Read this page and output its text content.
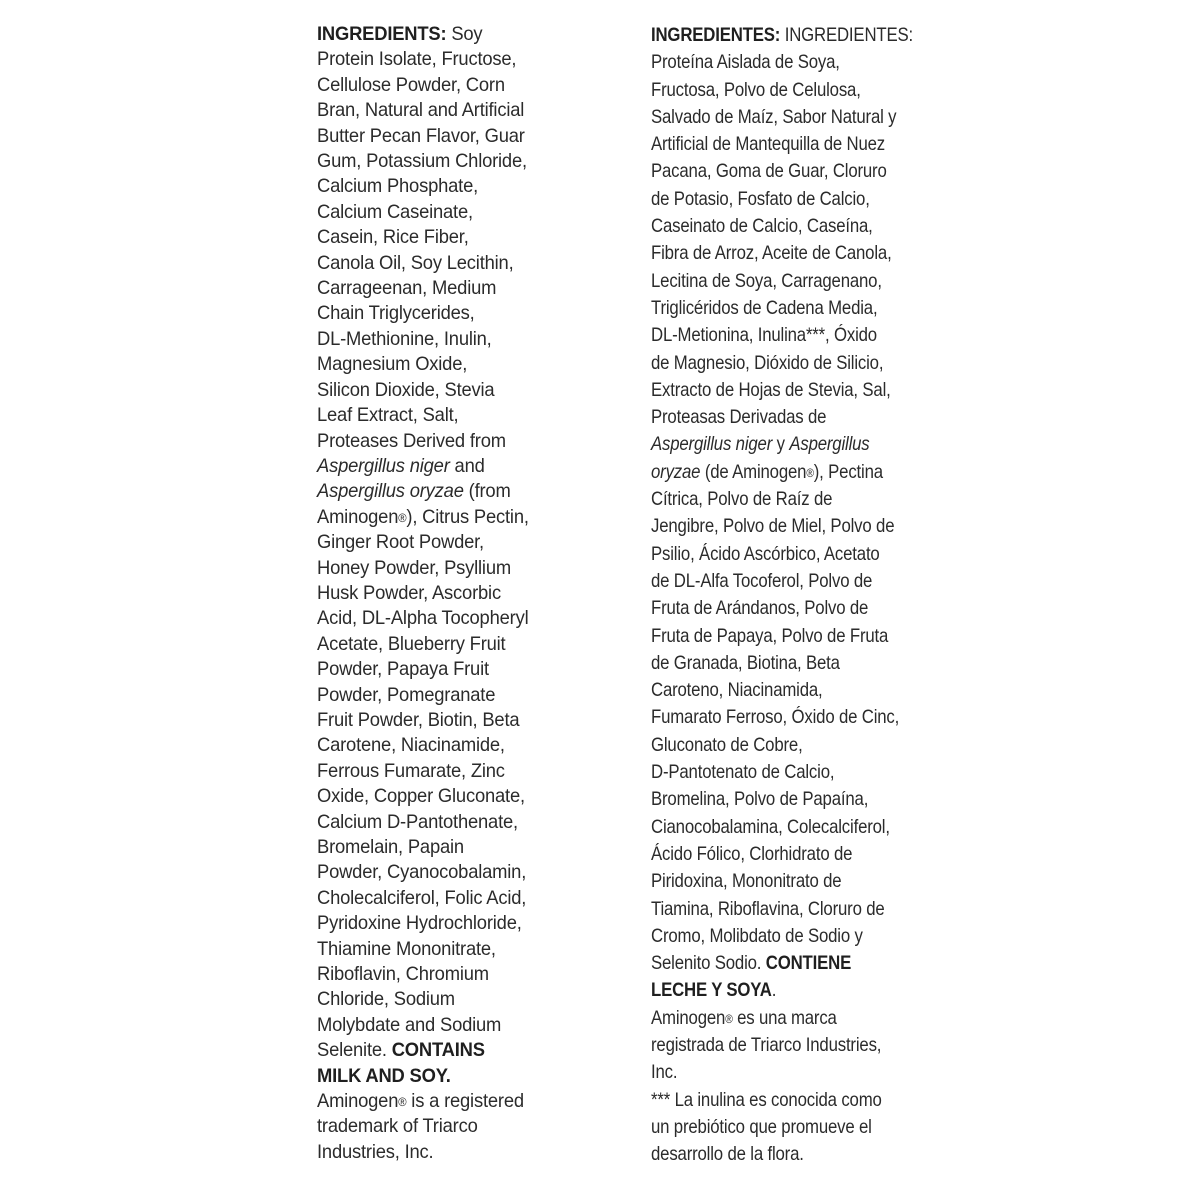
INGREDIENTS: Soy
Protein Isolate, Fructose,
Cellulose Powder, Corn
Bran, Natural and Artificial
Butter Pecan Flavor, Guar
Gum, Potassium Chloride,
Calcium Phosphate,
Calcium Caseinate,
Casein, Rice Fiber,
Canola Oil, Soy Lecithin,
Carrageenan, Medium
Chain Triglycerides,
DL-Methionine, Inulin,
Magnesium Oxide,
Silicon Dioxide, Stevia
Leaf Extract, Salt,
Proteases Derived from
Aspergillus niger and
Aspergillus oryzae (from
Aminogen®), Citrus Pectin,
Ginger Root Powder,
Honey Powder, Psyllium
Husk Powder, Ascorbic
Acid, DL-Alpha Tocopheryl
Acetate, Blueberry Fruit
Powder, Papaya Fruit
Powder, Pomegranate
Fruit Powder, Biotin, Beta
Carotene, Niacinamide,
Ferrous Fumarate, Zinc
Oxide, Copper Gluconate,
Calcium D-Pantothenate,
Bromelain, Papain
Powder, Cyanocobalamin,
Cholecalciferol, Folic Acid,
Pyridoxine Hydrochloride,
Thiamine Mononitrate,
Riboflavin, Chromium
Chloride, Sodium
Molybdate and Sodium
Selenite. CONTAINS
MILK AND SOY.
Aminogen® is a registered
trademark of Triarco
Industries, Inc.
INGREDIENTES: INGREDIENTES:
Proteína Aislada de Soya,
Fructosa, Polvo de Celulosa,
Salvado de Maíz, Sabor Natural y
Artificial de Mantequilla de Nuez
Pacana, Goma de Guar, Cloruro
de Potasio, Fosfato de Calcio,
Caseinato de Calcio, Caseína,
Fibra de Arroz, Aceite de Canola,
Lecitina de Soya, Carragenano,
Triglicéridos de Cadena Media,
DL-Metionina, Inulina***, Óxido
de Magnesio, Dióxido de Silicio,
Extracto de Hojas de Stevia, Sal,
Proteasas Derivadas de
Aspergillus niger y Aspergillus
oryzae (de Aminogen®), Pectina
Cítrica, Polvo de Raíz de
Jengibre, Polvo de Miel, Polvo de
Psilio, Ácido Ascórbico, Acetato
de DL-Alfa Tocoferol, Polvo de
Fruta de Arándanos, Polvo de
Fruta de Papaya, Polvo de Fruta
de Granada, Biotina, Beta
Caroteno, Niacinamida,
Fumarato Ferroso, Óxido de Cinc,
Gluconato de Cobre,
D-Pantotenato de Calcio,
Bromelina, Polvo de Papaína,
Cianocobalamina, Colecalciferol,
Ácido Fólico, Clorhidrato de
Piridoxina, Mononitrato de
Tiamina, Riboflavina, Cloruro de
Cromo, Molibdato de Sodio y
Selenito Sodio. CONTIENE
LECHE Y SOYA.
Aminogen® es una marca
registrada de Triarco Industries,
Inc.
*** La inulina es conocida como
un prebiótico que promueve el
desarrollo de la flora.
